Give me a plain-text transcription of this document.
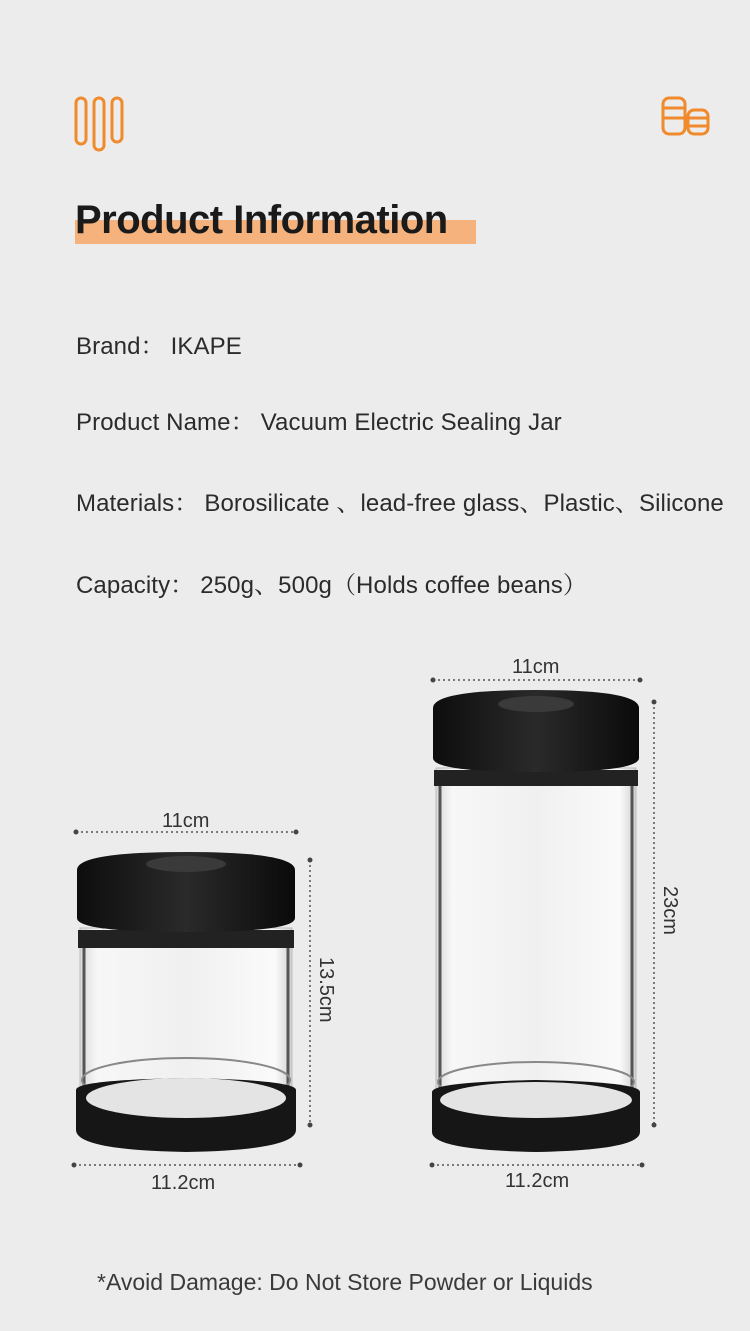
Product Information
Brand： IKAPE
Product Name： Vacuum Electric Sealing Jar
Materials： Borosilicate 、lead-free glass、Plastic、Silicone
Capacity： 250g、500g（Holds coffee beans）
11cm
13.5cm
11.2cm
11cm
23cm
11.2cm
*Avoid Damage: Do Not Store Powder or Liquids
